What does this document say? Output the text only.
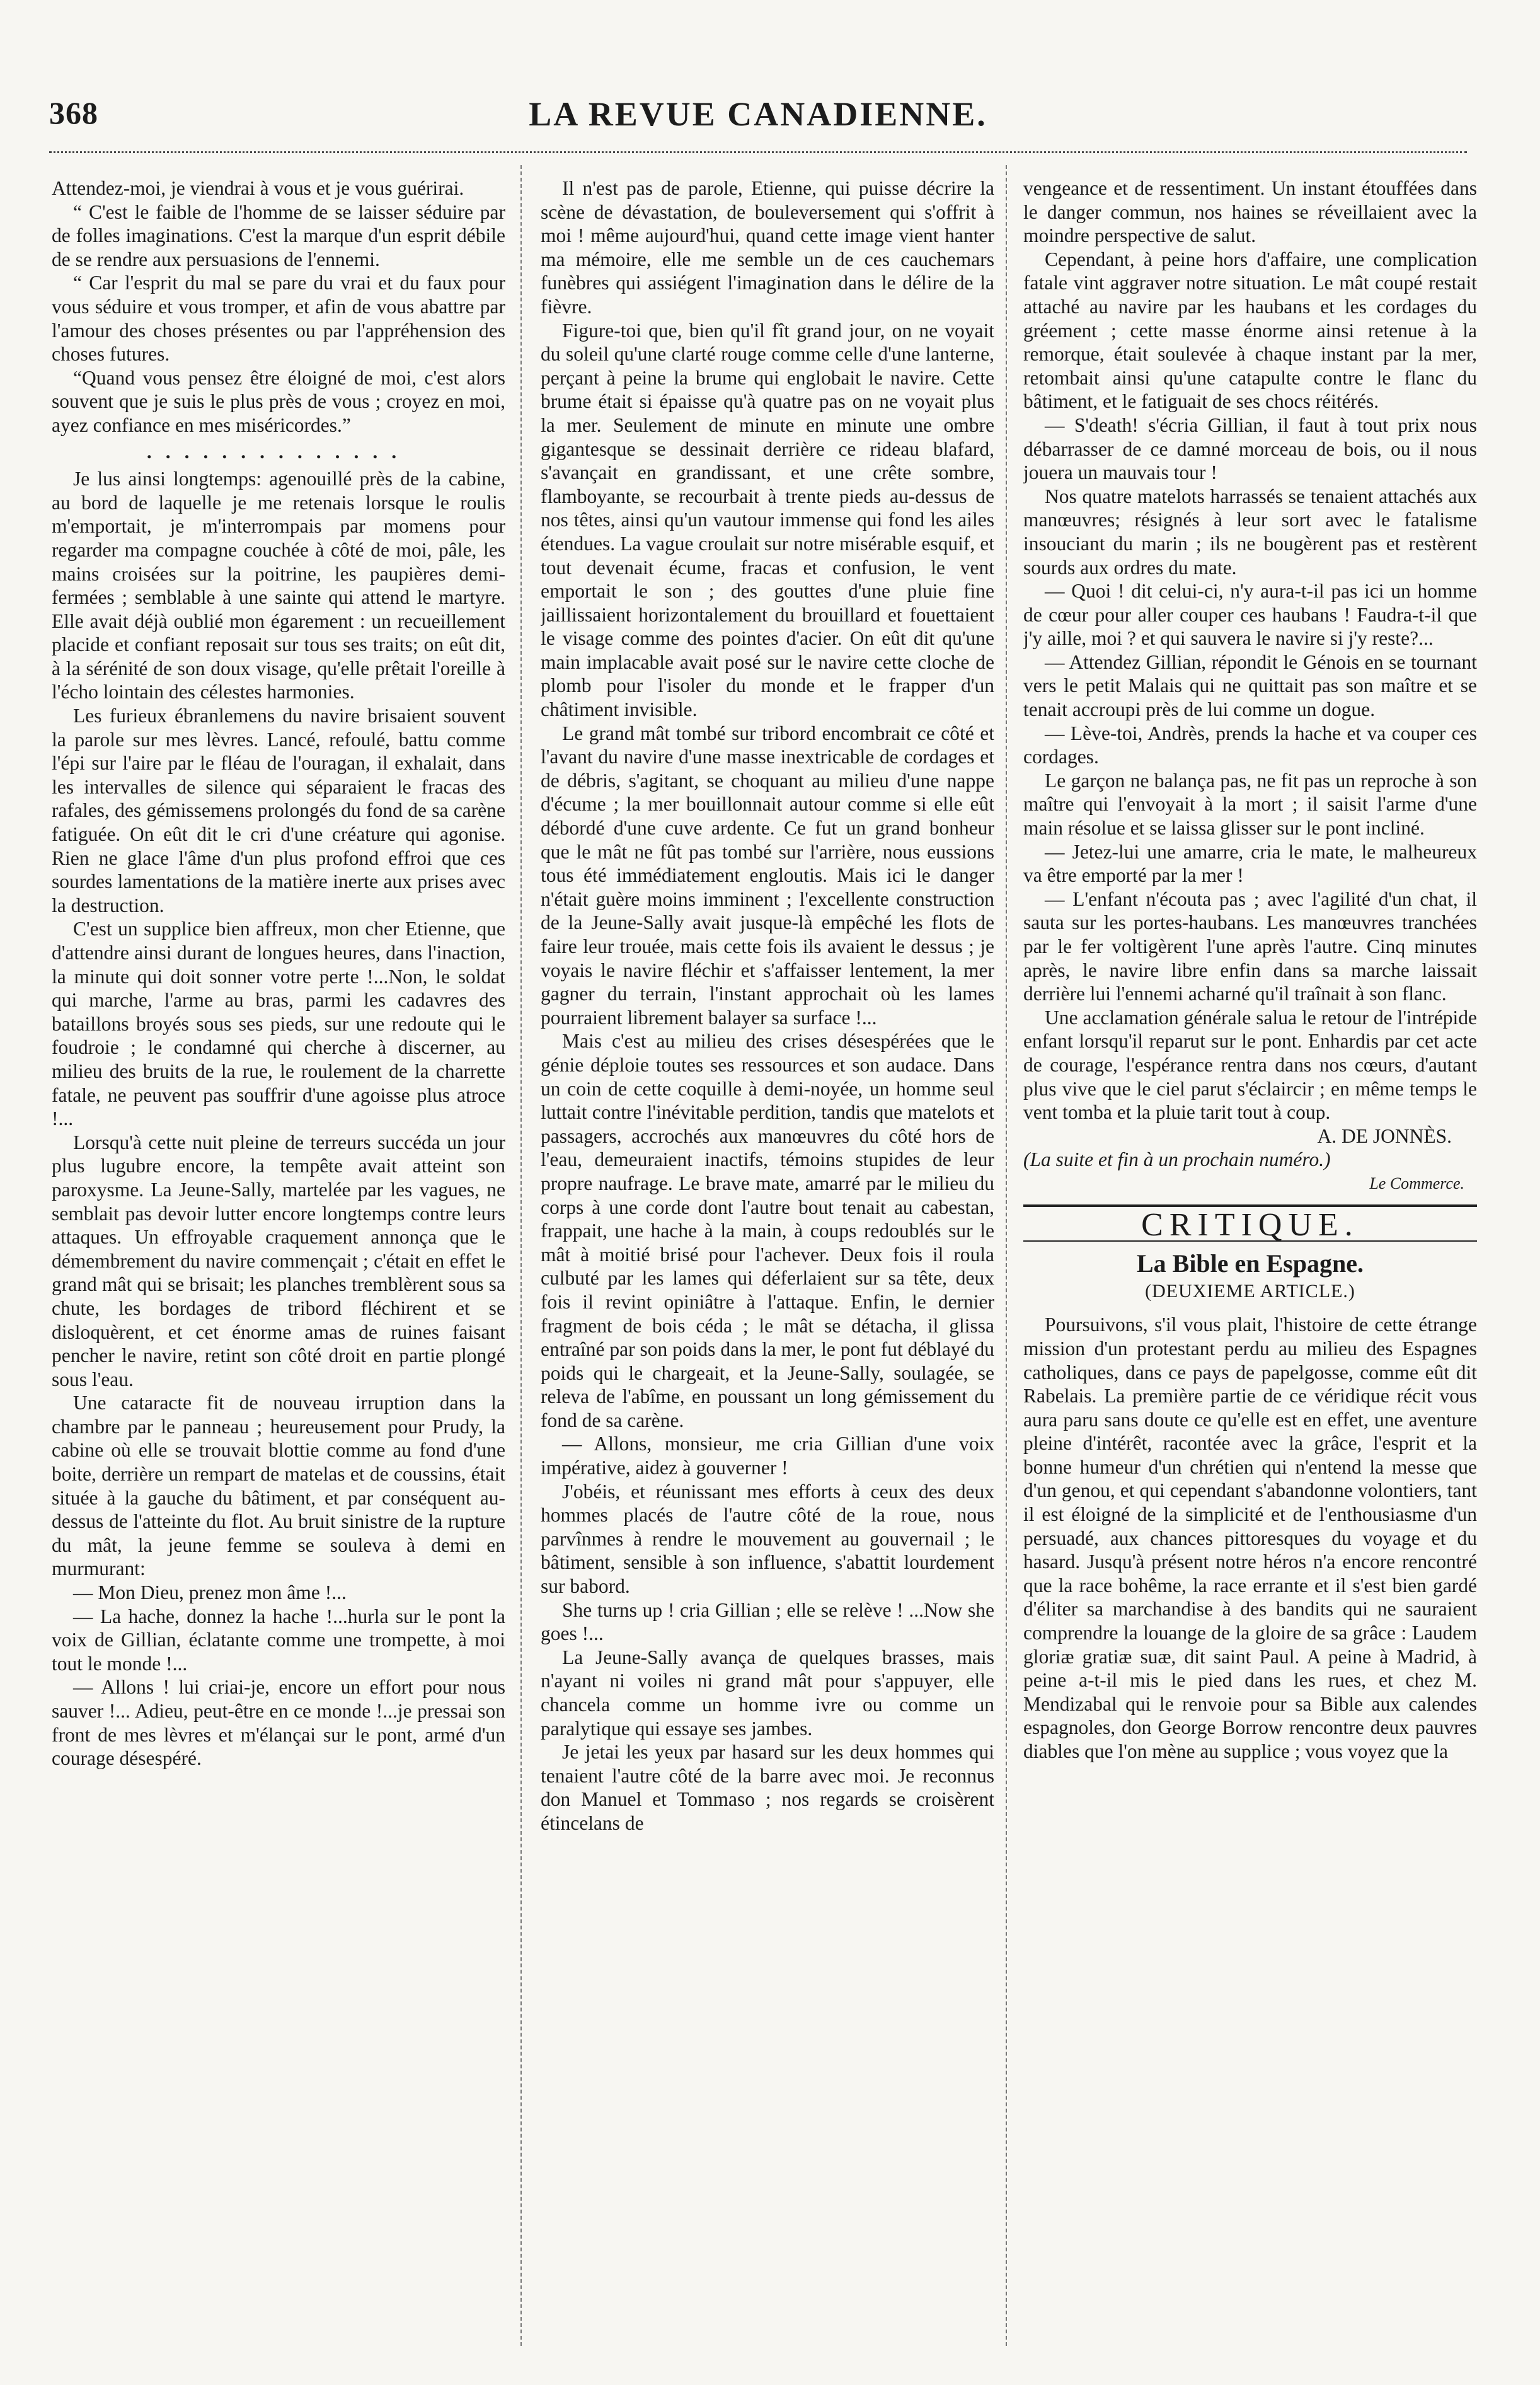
368	LA REVUE CANADIENNE.

Attendez-moi, je viendrai à vous et je vous guérirai.

“ C'est le faible de l'homme de se laisser séduire par de folles imaginations. C'est la marque d'un esprit débile de se rendre aux persuasions de l'ennemi.

“ Car l'esprit du mal se pare du vrai et du faux pour vous séduire et vous tromper, et afin de vous abattre par l'amour des choses présentes ou par l'appréhension des choses futures.

“Quand vous pensez être éloigné de moi, c'est alors souvent que je suis le plus près de vous ; croyez en moi, ayez confiance en mes miséricordes.”

..............

Je lus ainsi longtemps: agenouillé près de la cabine, au bord de laquelle je me retenais lorsque le roulis m'emportait, je m'interrompais par momens pour regarder ma compagne couchée à côté de moi, pâle, les mains croisées sur la poitrine, les paupières demi-fermées ; semblable à une sainte qui attend le martyre. Elle avait déjà oublié mon égarement : un recueillement placide et confiant reposait sur tous ses traits; on eût dit, à la sérénité de son doux visage, qu'elle prêtait l'oreille à l'écho lointain des célestes harmonies.

Les furieux ébranlemens du navire brisaient souvent la parole sur mes lèvres. Lancé, refoulé, battu comme l'épi sur l'aire par le fléau de l'ouragan, il exhalait, dans les intervalles de silence qui séparaient le fracas des rafales, des gémissemens prolongés du fond de sa carène fatiguée. On eût dit le cri d'une créature qui agonise. Rien ne glace l'âme d'un plus profond effroi que ces sourdes lamentations de la matière inerte aux prises avec la destruction.

C'est un supplice bien affreux, mon cher Etienne, que d'attendre ainsi durant de longues heures, dans l'inaction, la minute qui doit sonner votre perte !...Non, le soldat qui marche, l'arme au bras, parmi les cadavres des bataillons broyés sous ses pieds, sur une redoute qui le foudroie ; le condamné qui cherche à discerner, au milieu des bruits de la rue, le roulement de la charrette fatale, ne peuvent pas souffrir d'une agoisse plus atroce !...

Lorsqu'à cette nuit pleine de terreurs succéda un jour plus lugubre encore, la tempête avait atteint son paroxysme. La Jeune-Sally, martelée par les vagues, ne semblait pas devoir lutter encore longtemps contre leurs attaques. Un effroyable craquement annonça que le démembrement du navire commençait ; c'était en effet le grand mât qui se brisait; les planches tremblèrent sous sa chute, les bordages de tribord fléchirent et se disloquèrent, et cet énorme amas de ruines faisant pencher le navire, retint son côté droit en partie plongé sous l'eau.

Une cataracte fit de nouveau irruption dans la chambre par le panneau ; heureusement pour Prudy, la cabine où elle se trouvait blottie comme au fond d'une boite, derrière un rempart de matelas et de coussins, était située à la gauche du bâtiment, et par conséquent au-dessus de l'atteinte du flot. Au bruit sinistre de la rupture du mât, la jeune femme se souleva à demi en murmurant:

— Mon Dieu, prenez mon âme !...

— La hache, donnez la hache !...hurla sur le pont la voix de Gillian, éclatante comme une trompette, à moi tout le monde !...

— Allons ! lui criai-je, encore un effort pour nous sauver !... Adieu, peut-être en ce monde !...je pressai son front de mes lèvres et m'élançai sur le pont, armé d'un courage désespéré.

Il n'est pas de parole, Etienne, qui puisse décrire la scène de dévastation, de bouleversement qui s'offrit à moi ! même aujourd'hui, quand cette image vient hanter ma mémoire, elle me semble un de ces cauchemars funèbres qui assiégent l'imagination dans le délire de la fièvre.

Figure-toi que, bien qu'il fît grand jour, on ne voyait du soleil qu'une clarté rouge comme celle d'une lanterne, perçant à peine la brume qui englobait le navire. Cette brume était si épaisse qu'à quatre pas on ne voyait plus la mer. Seulement de minute en minute une ombre gigantesque se dessinait derrière ce rideau blafard, s'avançait en grandissant, et une crête sombre, flamboyante, se recourbait à trente pieds au-dessus de nos têtes, ainsi qu'un vautour immense qui fond les ailes étendues. La vague croulait sur notre misérable esquif, et tout devenait écume, fracas et confusion, le vent emportait le son ; des gouttes d'une pluie fine jaillissaient horizontalement du brouillard et fouettaient le visage comme des pointes d'acier. On eût dit qu'une main implacable avait posé sur le navire cette cloche de plomb pour l'isoler du monde et le frapper d'un châtiment invisible.

Le grand mât tombé sur tribord encombrait ce côté et l'avant du navire d'une masse inextricable de cordages et de débris, s'agitant, se choquant au milieu d'une nappe d'écume ; la mer bouillonnait autour comme si elle eût débordé d'une cuve ardente. Ce fut un grand bonheur que le mât ne fût pas tombé sur l'arrière, nous eussions tous été immédiatement engloutis. Mais ici le danger n'était guère moins imminent ; l'excellente construction de la Jeune-Sally avait jusque-là empêché les flots de faire leur trouée, mais cette fois ils avaient le dessus ; je voyais le navire fléchir et s'affaisser lentement, la mer gagner du terrain, l'instant approchait où les lames pourraient librement balayer sa surface !...

Mais c'est au milieu des crises désespérées que le génie déploie toutes ses ressources et son audace. Dans un coin de cette coquille à demi-noyée, un homme seul luttait contre l'inévitable perdition, tandis que matelots et passagers, accrochés aux manœuvres du côté hors de l'eau, demeuraient inactifs, témoins stupides de leur propre naufrage. Le brave mate, amarré par le milieu du corps à une corde dont l'autre bout tenait au cabestan, frappait, une hache à la main, à coups redoublés sur le mât à moitié brisé pour l'achever. Deux fois il roula culbuté par les lames qui déferlaient sur sa tête, deux fois il revint opiniâtre à l'attaque. Enfin, le dernier fragment de bois céda ; le mât se détacha, il glissa entraîné par son poids dans la mer, le pont fut déblayé du poids qui le chargeait, et la Jeune-Sally, soulagée, se releva de l'abîme, en poussant un long gémissement du fond de sa carène.

— Allons, monsieur, me cria Gillian d'une voix impérative, aidez à gouverner !

J'obéis, et réunissant mes efforts à ceux des deux hommes placés de l'autre côté de la roue, nous parvînmes à rendre le mouvement au gouvernail ; le bâtiment, sensible à son influence, s'abattit lourdement sur babord.

She turns up ! cria Gillian ; elle se relève ! ...Now she goes !...

La Jeune-Sally avança de quelques brasses, mais n'ayant ni voiles ni grand mât pour s'appuyer, elle chancela comme un homme ivre ou comme un paralytique qui essaye ses jambes.

Je jetai les yeux par hasard sur les deux hommes qui tenaient l'autre côté de la barre avec moi. Je reconnus don Manuel et Tommaso ; nos regards se croisèrent étincelans de

vengeance et de ressentiment. Un instant étouffées dans le danger commun, nos haines se réveillaient avec la moindre perspective de salut.

Cependant, à peine hors d'affaire, une complication fatale vint aggraver notre situation. Le mât coupé restait attaché au navire par les haubans et les cordages du gréement ; cette masse énorme ainsi retenue à la remorque, était soulevée à chaque instant par la mer, retombait ainsi qu'une catapulte contre le flanc du bâtiment, et le fatiguait de ses chocs réitérés.

— S'death! s'écria Gillian, il faut à tout prix nous débarrasser de ce damné morceau de bois, ou il nous jouera un mauvais tour !

Nos quatre matelots harrassés se tenaient attachés aux manœuvres; résignés à leur sort avec le fatalisme insouciant du marin ; ils ne bougèrent pas et restèrent sourds aux ordres du mate.

— Quoi ! dit celui-ci, n'y aura-t-il pas ici un homme de cœur pour aller couper ces haubans ! Faudra-t-il que j'y aille, moi ? et qui sauvera le navire si j'y reste?...

— Attendez Gillian, répondit le Génois en se tournant vers le petit Malais qui ne quittait pas son maître et se tenait accroupi près de lui comme un dogue.

— Lève-toi, Andrès, prends la hache et va couper ces cordages.

Le garçon ne balança pas, ne fit pas un reproche à son maître qui l'envoyait à la mort ; il saisit l'arme d'une main résolue et se laissa glisser sur le pont incliné.

— Jetez-lui une amarre, cria le mate, le malheureux va être emporté par la mer !

— L'enfant n'écouta pas ; avec l'agilité d'un chat, il sauta sur les portes-haubans. Les manœuvres tranchées par le fer voltigèrent l'une après l'autre. Cinq minutes après, le navire libre enfin dans sa marche laissait derrière lui l'ennemi acharné qu'il traînait à son flanc.

Une acclamation générale salua le retour de l'intrépide enfant lorsqu'il reparut sur le pont. Enhardis par cet acte de courage, l'espérance rentra dans nos cœurs, d'autant plus vive que le ciel parut s'éclaircir ; en même temps le vent tomba et la pluie tarit tout à coup.

A. DE JONNÈS.

(La suite et fin à un prochain numéro.)

Le Commerce.

CRITIQUE.
La Bible en Espagne.
(DEUXIEME ARTICLE.)

Poursuivons, s'il vous plait, l'histoire de cette étrange mission d'un protestant perdu au milieu des Espagnes catholiques, dans ce pays de papelgosse, comme eût dit Rabelais. La première partie de ce véridique récit vous aura paru sans doute ce qu'elle est en effet, une aventure pleine d'intérêt, racontée avec la grâce, l'esprit et la bonne humeur d'un chrétien qui n'entend la messe que d'un genou, et qui cependant s'abandonne volontiers, tant il est éloigné de la simplicité et de l'enthousiasme d'un persuadé, aux chances pittoresques du voyage et du hasard. Jusqu'à présent notre héros n'a encore rencontré que la race bohême, la race errante et il s'est bien gardé d'éliter sa marchandise à des bandits qui ne sauraient comprendre la louange de la gloire de sa grâce : Laudem gloriæ gratiæ suæ, dit saint Paul. A peine à Madrid, à peine a-t-il mis le pied dans les rues, et chez M. Mendizabal qui le renvoie pour sa Bible aux calendes espagnoles, don George Borrow rencontre deux pauvres diables que l'on mène au supplice ; vous voyez que la
